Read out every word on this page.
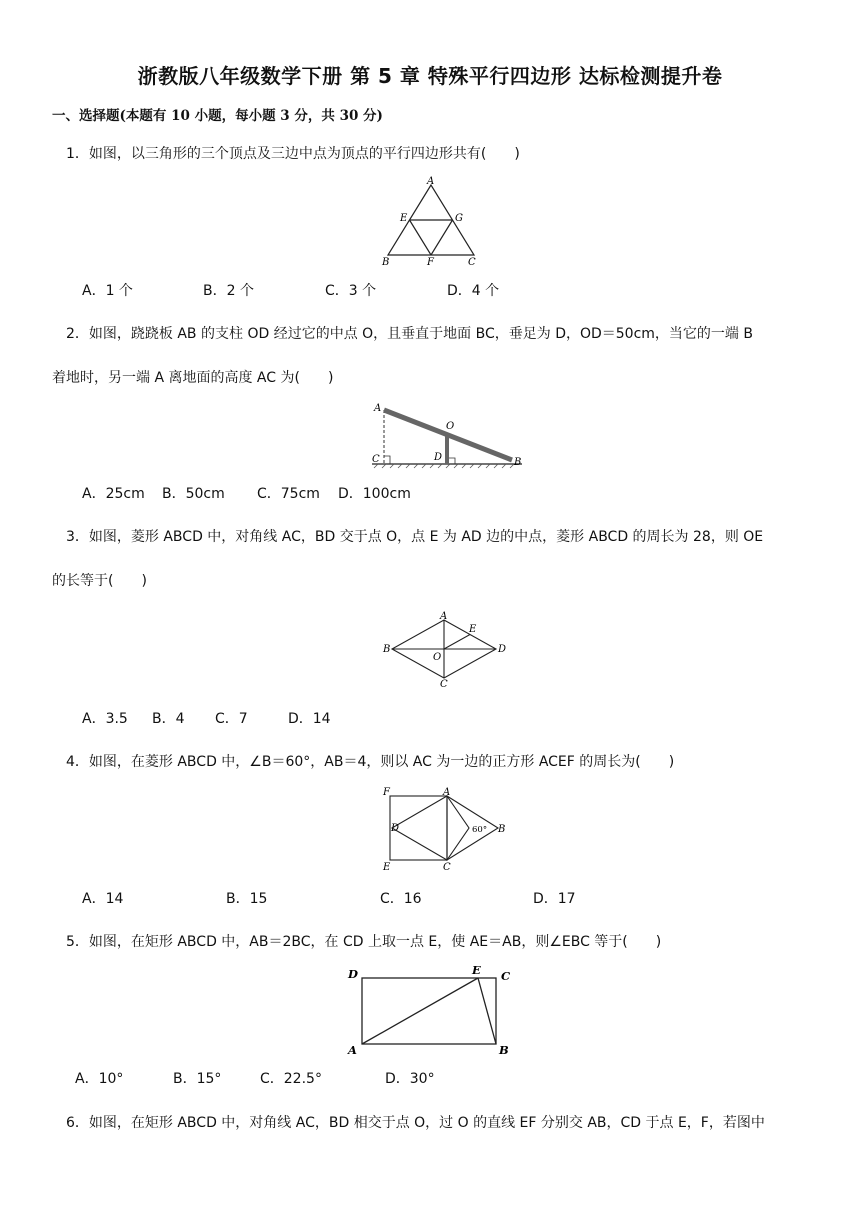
浙教版八年级数学下册 第 5 章 特殊平行四边形 达标检测提升卷
一、选择题(本题有 10 小题，每小题 3 分，共 30 分)
1．如图，以三角形的三个顶点及三边中点为顶点的平行四边形共有(　　)
A
E	G
B	F	C
A．1 个	B．2 个	C．3 个	D．4 个
2．如图，跷跷板 AB 的支柱 OD 经过它的中点 O，且垂直于地面 BC，垂足为 D，OD＝50cm，当它的一端 B
着地时，另一端 A 离地面的高度 AC 为(　　)
A
O
C	D	B
A．25cm B．50cm C．75cm D．100cm
3．如图，菱形 ABCD 中，对角线 AC，BD 交于点 O，点 E 为 AD 边的中点，菱形 ABCD 的周长为 28，则 OE
的长等于(　　)
A
E
B
O
D
C
A．3.5 B．4 C．7	D．14
4．如图，在菱形 ABCD 中，∠B＝60°，AB＝4，则以 AC 为一边的正方形 ACEF 的周长为(　　)
F	A
D	60° B
E	C
A．14	B．15	C．16	D．17
5．如图，在矩形 ABCD 中，AB＝2BC，在 CD 上取一点 E，使 AE＝AB，则∠EBC 等于(　　)
D	E C
A	B
A．10°	B．15°	C．22.5°	D．30°
6．如图，在矩形 ABCD 中，对角线 AC，BD 相交于点 O，过 O 的直线 EF 分别交 AB，CD 于点 E，F，若图中
